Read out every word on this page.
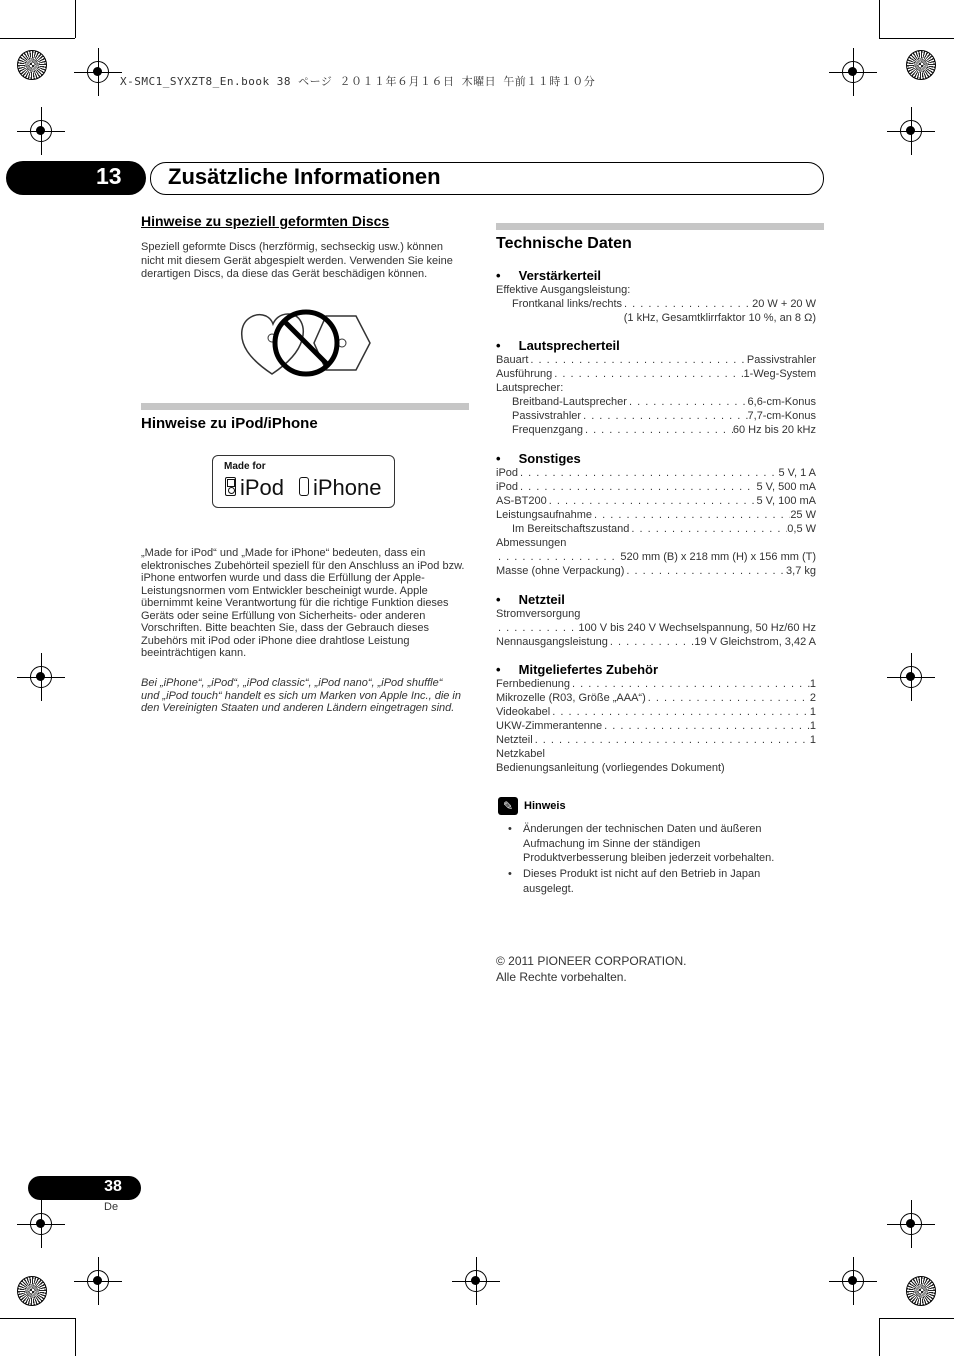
X-SMC1_SYXZT8_En.book 38 ページ ２０１１年６月１６日 木曜日 午前１１時１０分
13	Zusätzliche Informationen
Hinweise zu speziell geformten Discs
Speziell geformte Discs (herzförmig, sechseckig usw.) können nicht mit diesem Gerät abgespielt werden. Verwenden Sie keine derartigen Discs, da diese das Gerät beschädigen können.
Hinweise zu iPod/iPhone
Made for
iPod iPhone
„Made for iPod“ und „Made for iPhone“ bedeuten, dass ein elektronisches Zubehörteil speziell für den Anschluss an iPod bzw. iPhone entworfen wurde und dass die Erfüllung der Apple-Leistungsnormen vom Entwickler bescheinigt wurde. Apple übernimmt keine Verantwortung für die richtige Funktion dieses Geräts oder seine Erfüllung von Sicherheits- oder anderen Vorschriften. Bitte beachten Sie, dass der Gebrauch dieses Zubehörs mit iPod oder iPhone diee drahtlose Leistung beeinträchtigen kann.
Bei „iPhone“, „iPod“, „iPod classic“, „iPod nano“, „iPod shuffle“ und „iPod touch“ handelt es sich um Marken von Apple Inc., die in den Vereinigten Staaten und anderen Ländern eingetragen sind.
Technische Daten
•     Verstärkerteil
Effektive Ausgangsleistung:
Frontkanal links/rechts . . .	20 W + 20 W
(1 kHz, Gesamtklirrfaktor 10 %, an 8 Ω)
•     Lautsprecherteil
Bauart . . .	Passivstrahler
Ausführung . . .	1-Weg-System
Lautsprecher:
Breitband-Lautsprecher . . .	6,6-cm-Konus
Passivstrahler . . .	7,7-cm-Konus
Frequenzgang . . .	60 Hz bis 20 kHz
•     Sonstiges
iPod . . .	5 V, 1 A
iPod . . .	5 V, 500 mA
AS-BT200 . . .	5 V, 100 mA
Leistungsaufnahme . . .	25 W
Im Bereitschaftszustand . . .	0,5 W
Abmessungen
. . .
520 mm (B) x 218 mm (H) x 156 mm (T)
Masse (ohne Verpackung) . . .	3,7 kg
•     Netzteil
Stromversorgung
. . .
100 V bis 240 V Wechselspannung, 50 Hz/60 Hz
Nennausgangsleistung . . .	19 V Gleichstrom, 3,42 A
•     Mitgeliefertes Zubehör
Fernbedienung . . .	1
Mikrozelle (R03, Größe „AAA“) . . .	2
Videokabel . . .	1
UKW-Zimmerantenne . . .	1
Netzteil . . .	1
Netzkabel
Bedienungsanleitung (vorliegendes Dokument)
✎ Hinweis
•	Änderungen der technischen Daten und äußeren Aufmachung im Sinne der ständigen Produktverbesserung bleiben jederzeit vorbehalten.
•	Dieses Produkt ist nicht auf den Betrieb in Japan ausgelegt.
© 2011 PIONEER CORPORATION.
Alle Rechte vorbehalten.
38
De
